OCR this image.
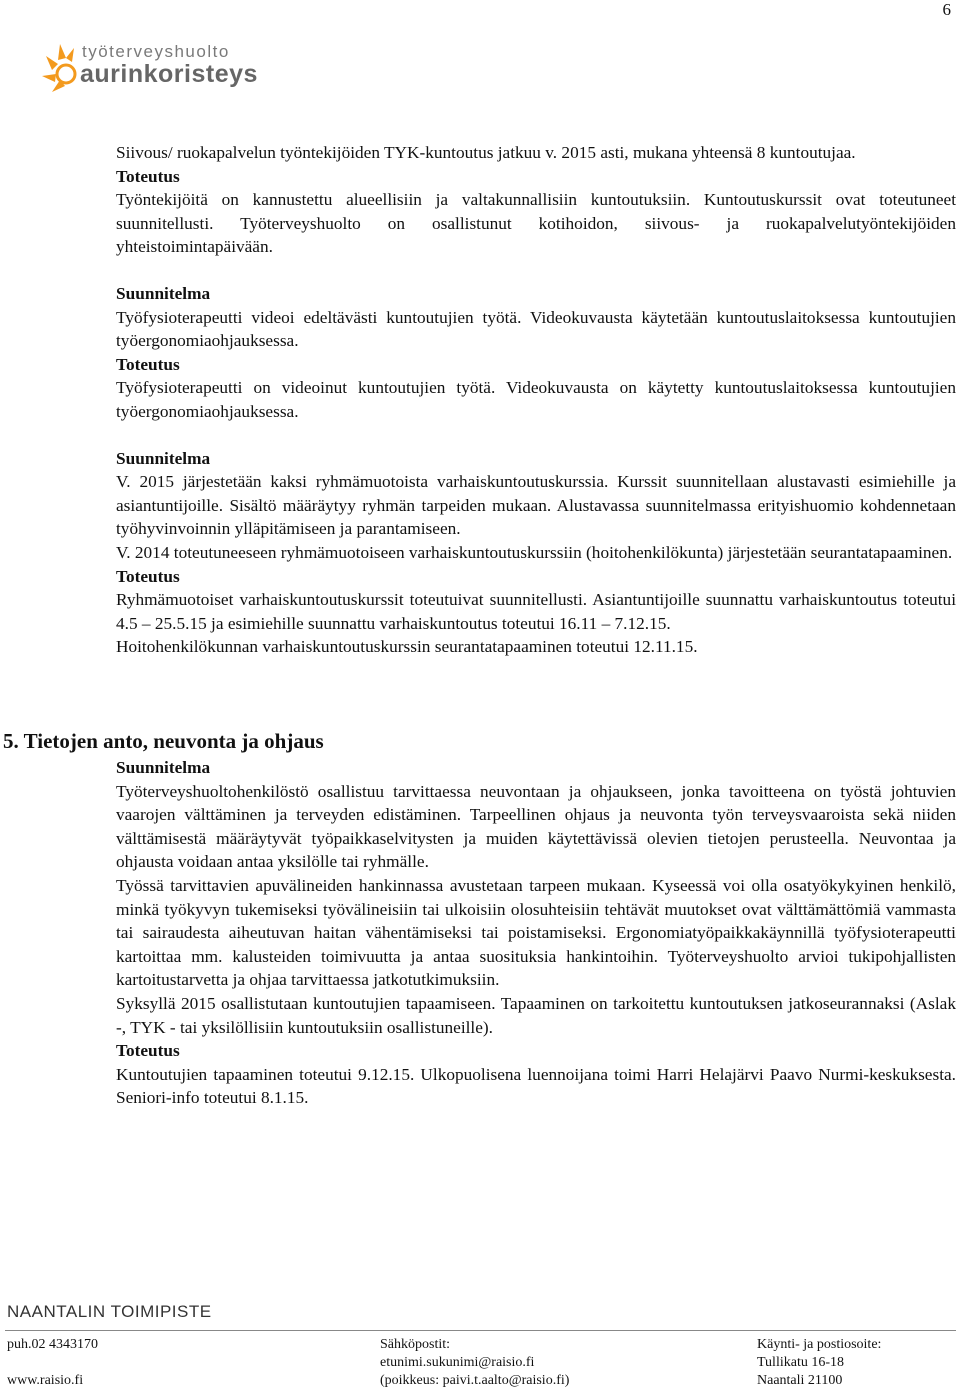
6
työterveyshuolto
aurinkoristeys

Siivous/ ruokapalvelun työntekijöiden TYK-kuntoutus jatkuu v. 2015 asti, mukana yhteensä 8 kuntoutujaa.

Toteutus

Työntekijöitä on kannustettu alueellisiin ja valtakunnallisiin kuntoutuksiin. Kuntoutuskurssit ovat toteutuneet suunnitellusti. Työterveyshuolto on osallistunut kotihoidon, siivous- ja ruokapalvelutyöntekijöiden yhteistoimintapäivään.

Suunnitelma

Työfysioterapeutti videoi edeltävästi kuntoutujien työtä. Videokuvausta käytetään kuntoutuslaitoksessa kuntoutujien työergonomiaohjauksessa.

Toteutus

Työfysioterapeutti on videoinut kuntoutujien työtä. Videokuvausta on käytetty kuntoutuslaitoksessa kuntoutujien työergonomiaohjauksessa.

Suunnitelma

V. 2015 järjestetään kaksi ryhmämuotoista varhaiskuntoutuskurssia. Kurssit suunnitellaan alustavasti esimiehille ja asiantuntijoille. Sisältö määräytyy ryhmän tarpeiden mukaan. Alustavassa suunnitelmassa erityishuomio kohdennetaan työhyvinvoinnin ylläpitämiseen ja parantamiseen.

V. 2014 toteutuneeseen ryhmämuotoiseen varhaiskuntoutuskurssiin (hoitohenkilökunta) järjestetään seurantatapaaminen.

Toteutus

Ryhmämuotoiset varhaiskuntoutuskurssit toteutuivat suunnitellusti. Asiantuntijoille suunnattu varhaiskuntoutus toteutui 4.5 – 25.5.15 ja esimiehille suunnattu varhaiskuntoutus toteutui 16.11 – 7.12.15.

Hoitohenkilökunnan varhaiskuntoutuskurssin seurantatapaaminen toteutui 12.11.15.

5. Tietojen anto, neuvonta ja ohjaus

Suunnitelma

Työterveyshuoltohenkilöstö osallistuu tarvittaessa neuvontaan ja ohjaukseen, jonka tavoitteena on työstä johtuvien vaarojen välttäminen ja terveyden edistäminen. Tarpeellinen ohjaus ja neuvonta työn terveysvaaroista sekä niiden välttämisestä määräytyvät työpaikkaselvitysten ja muiden käytettävissä olevien tietojen perusteella. Neuvontaa ja ohjausta voidaan antaa yksilölle tai ryhmälle.

Työssä tarvittavien apuvälineiden hankinnassa avustetaan tarpeen mukaan. Kyseessä voi olla osatyökykyinen henkilö, minkä työkyvyn tukemiseksi työvälineisiin tai ulkoisiin olosuhteisiin tehtävät muutokset ovat välttämättömiä vammasta tai sairaudesta aiheutuvan haitan vähentämiseksi tai poistamiseksi. Ergonomiatyöpaikkakäynnillä työfysioterapeutti kartoittaa mm. kalusteiden toimivuutta ja antaa suosituksia hankintoihin. Työterveyshuolto arvioi tukipohjallisten kartoitustarvetta ja ohjaa tarvittaessa jatkotutkimuksiin.

Syksyllä 2015 osallistutaan kuntoutujien tapaamiseen. Tapaaminen on tarkoitettu kuntoutuksen jatkoseurannaksi (Aslak -, TYK - tai yksilöllisiin kuntoutuksiin osallistuneille).

Toteutus

Kuntoutujien tapaaminen toteutui 9.12.15. Ulkopuolisena luennoijana toimi Harri Helajärvi Paavo Nurmi-keskuksesta. Seniori-info toteutui 8.1.15.

NAANTALIN TOIMIPISTE
puh.02 4343170
www.raisio.fi
Sähköpostit:
etunimi.sukunimi@raisio.fi
(poikkeus: paivi.t.aalto@raisio.fi)
Käynti- ja postiosoite:
Tullikatu 16-18
Naantali 21100
